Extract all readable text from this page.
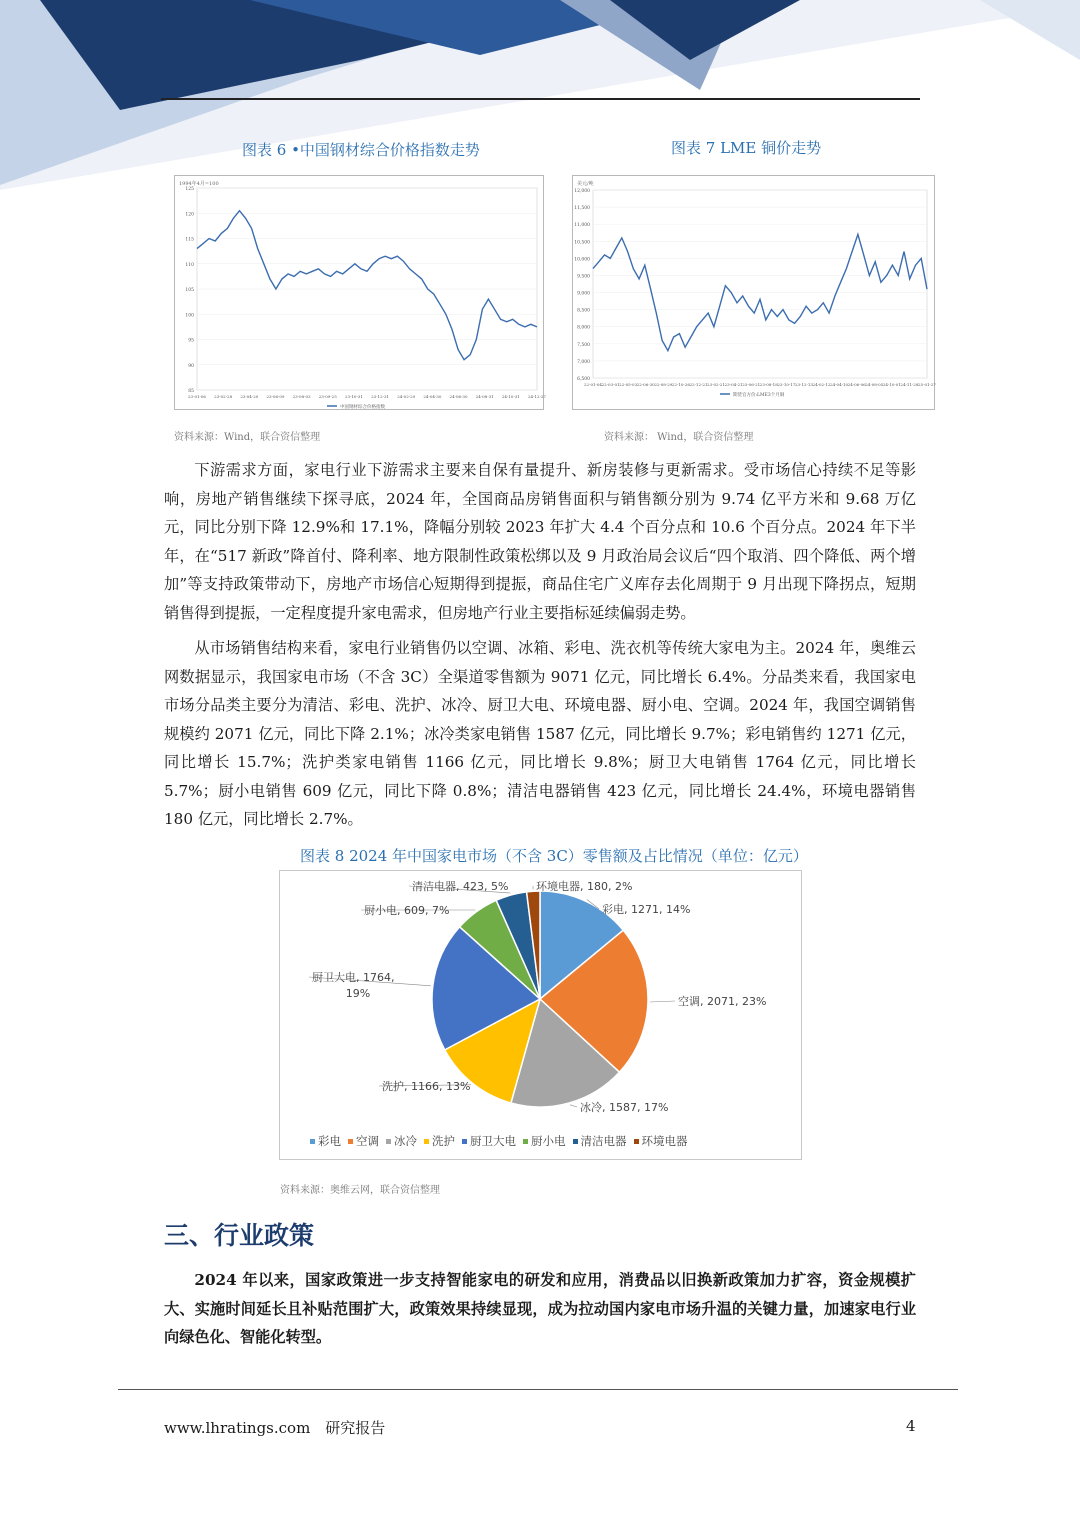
图表 6 •中国钢材综合价格指数走势
1994年4月=100
85
90
95
100
105
110
115
120
125
23-01-06 23-02-28 23-04-20 23-06-09 23-08-03 23-09-25 23-10-31 23-12-31 24-02-29 24-04-30 24-06-30 24-08-31 24-10-31 24-12-27
中国钢材综合价格指数
资料来源：Wind，联合资信整理
图表 7 LME 铜价走势
美元/吨
6,500
7,000
7,500
8,000
8,500
9,000
9,500
10,000
10,500
11,000
11,500
12,000
22-01-04 22-03-01 22-05-03 22-06-30 22-08-29 22-10-26 22-12-21 23-02-21 23-04-21 23-06-21 23-08-18 23-10-17 23-12-13 24-02-12 24-04-10 24-06-06 24-08-05 24-10-01 24-11-28 25-01-27
期货官方价:LME3个月铜
资料来源： Wind，联合资信整理

下游需求方面，家电行业下游需求主要来自保有量提升、新房装修与更新需求。受市场信心持续不足等影响，房地产销售继续下探寻底，2024 年，全国商品房销售面积与销售额分别为 9.74 亿平方米和 9.68 万亿元，同比分别下降 12.9%和 17.1%，降幅分别较 2023 年扩大 4.4 个百分点和 10.6 个百分点。2024 年下半年，在“517 新政”降首付、降利率、地方限制性政策松绑以及 9 月政治局会议后“四个取消、四个降低、两个增加”等支持政策带动下，房地产市场信心短期得到提振，商品住宅广义库存去化周期于 9 月出现下降拐点，短期销售得到提振，一定程度提升家电需求，但房地产行业主要指标延续偏弱走势。

从市场销售结构来看，家电行业销售仍以空调、冰箱、彩电、洗衣机等传统大家电为主。2024 年，奥维云网数据显示，我国家电市场（不含 3C）全渠道零售额为 9071 亿元，同比增长 6.4%。分品类来看，我国家电市场分品类主要分为清洁、彩电、洗护、冰冷、厨卫大电、环境电器、厨小电、空调。2024 年，我国空调销售规模约 2071 亿元，同比下降 2.1%；冰冷类家电销售 1587 亿元，同比增长 9.7%；彩电销售约 1271 亿元，同比增长 15.7%；洗护类家电销售 1166 亿元，同比增长 9.8%；厨卫大电销售 1764 亿元，同比增长 5.7%；厨小电销售 609 亿元，同比下降 0.8%；清洁电器销售 423 亿元，同比增长 24.4%，环境电器销售 180 亿元，同比增长 2.7%。

图表 8 2024 年中国家电市场（不含 3C）零售额及占比情况（单位：亿元）
彩电, 1271, 14%
空调, 2071, 23%
冰冷, 1587, 17%
洗护, 1166, 13%
厨卫大电, 1764,
19%
厨小电, 609, 7%
清洁电器, 423, 5%	环境电器, 180, 2%
彩电 空调 冰冷 洗护 厨卫大电 厨小电 清洁电器 环境电器
资料来源：奥维云网，联合资信整理
三、行业政策

2024 年以来，国家政策进一步支持智能家电的研发和应用，消费品以旧换新政策加力扩容，资金规模扩大、实施时间延长且补贴范围扩大，政策效果持续显现，成为拉动国内家电市场升温的关键力量，加速家电行业向绿色化、智能化转型。

www.lhratings.com　研究报告	4
